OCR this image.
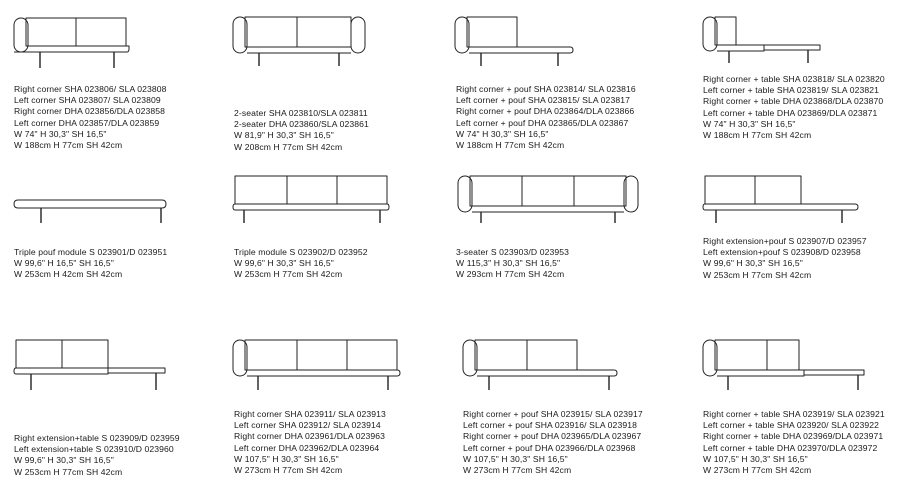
Right corner SHA 023806/ SLA 023808
Left corner SHA 023807/ SLA 023809
Right corner DHA 023856/DLA 023858
Left corner DHA 023857/DLA 023859
W 74" H 30,3" SH 16,5"
W 188cm H 77cm SH 42cm
2-seater SHA 023810/SLA 023811
2-seater DHA 023860/SLA 023861
W 81,9" H 30,3" SH 16,5"
W 208cm H 77cm SH 42cm
Right corner + pouf SHA 023814/ SLA 023816
Left corner + pouf SHA 023815/ SLA 023817
Right corner + pouf DHA 023864/DLA 023866
Left corner + pouf DHA 023865/DLA 023867
W 74" H 30,3" SH 16,5"
W 188cm H 77cm SH 42cm
Right corner + table SHA 023818/ SLA 023820
Left corner + table SHA 023819/ SLA 023821
Right corner + table DHA 023868/DLA 023870
Left corner + table DHA 023869/DLA 023871
W 74" H 30,3" SH 16,5"
W 188cm H 77cm SH 42cm
Triple pouf module S 023901/D 023951
W 99,6" H 16,5" SH 16,5"
W 253cm H 42cm SH 42cm
Triple module S 023902/D 023952
W 99,6" H 30,3" SH 16,5"
W 253cm H 77cm SH 42cm
3-seater S 023903/D 023953
W 115,3" H 30,3" SH 16,5"
W 293cm H 77cm SH 42cm
Right extension+pouf S 023907/D 023957
Left extension+pouf S 023908/D 023958
W 99,6" H 30,3" SH 16,5"
W 253cm H 77cm SH 42cm
Right extension+table S 023909/D 023959
Left extension+table S 023910/D 023960
W 99,6" H 30,3" SH 16,5"
W 253cm H 77cm SH 42cm
Right corner SHA 023911/ SLA 023913
Left corner SHA 023912/ SLA 023914
Right corner DHA 023961/DLA 023963
Left corner DHA 023962/DLA 023964
W 107,5" H 30,3" SH 16,5"
W 273cm H 77cm SH 42cm
Right corner + pouf SHA 023915/ SLA 023917
Left corner + pouf SHA 023916/ SLA 023918
Right corner + pouf DHA 023965/DLA 023967
Left corner + pouf DHA 023966/DLA 023968
W 107,5" H 30,3" SH 16,5"
W 273cm H 77cm SH 42cm
Right corner + table SHA 023919/ SLA 023921
Left corner + table SHA 023920/ SLA 023922
Right corner + table DHA 023969/DLA 023971
Left corner + table DHA 023970/DLA 023972
W 107,5" H 30,3" SH 16,5"
W 273cm H 77cm SH 42cm
